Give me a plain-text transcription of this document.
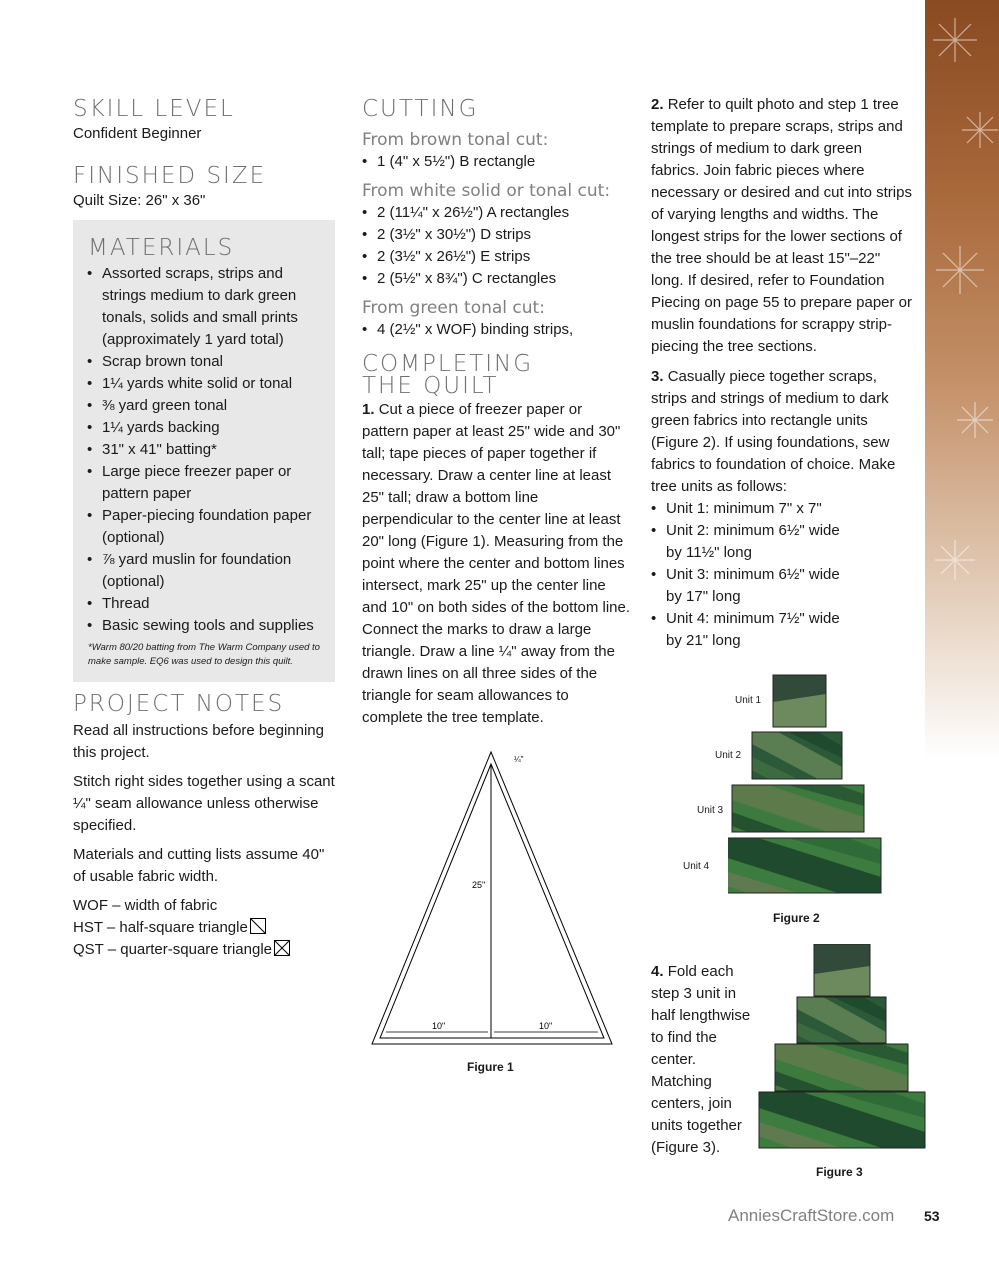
SKILL LEVEL

Confident Beginner

FINISHED SIZE

Quilt Size: 26" x 36"

MATERIALS
• Assorted scraps, strips and strings medium to dark green tonals, solids and small prints (approximately 1 yard total)
• Scrap brown tonal
• 1¼ yards white solid or tonal
• ⅜ yard green tonal
• 1¼ yards backing
• 31" x 41" batting*
• Large piece freezer paper or pattern paper
• Paper-piecing foundation paper (optional)
• ⅞ yard muslin for foundation (optional)
• Thread
• Basic sewing tools and supplies

*Warm 80/20 batting from The Warm Company used to make sample. EQ6 was used to design this quilt.

PROJECT NOTES

Read all instructions before beginning this project.

Stitch right sides together using a scant ¼" seam allowance unless otherwise specified.

Materials and cutting lists assume 40" of usable fabric width.

WOF – width of fabric

HST – half-square triangle

QST – quarter-square triangle

CUTTING

From brown tonal cut:

• 1 (4" x 5½") B rectangle

From white solid or tonal cut:

• 2 (11¼" x 26½") A rectangles
• 2 (3½" x 30½") D strips
• 2 (3½" x 26½") E strips
• 2 (5½" x 8¾") C rectangles

From green tonal cut:

• 4 (2½" x WOF) binding strips,
COMPLETING
THE QUILT

1. Cut a piece of freezer paper or pattern paper at least 25" wide and 30" tall; tape pieces of paper together if necessary. Draw a center line at least 25" tall; draw a bottom line perpendicular to the center line at least 20" long (Figure 1). Measuring from the point where the center and bottom lines intersect, mark 25" up the center line and 10" on both sides of the bottom line. Connect the marks to draw a large triangle. Draw a line ¼" away from the drawn lines on all three sides of the triangle for seam allowances to complete the tree template.

¼"
25"
10"	10"
Figure 1

2. Refer to quilt photo and step 1 tree template to prepare scraps, strips and strings of medium to dark green fabrics. Join fabric pieces where necessary or desired and cut into strips of varying lengths and widths. The longest strips for the lower sections of the tree should be at least 15"–22" long. If desired, refer to Foundation Piecing on page 55 to prepare paper or muslin foundations for scrappy strip-piecing the tree sections.

3. Casually piece together scraps, strips and strings of medium to dark green fabrics into rectangle units (Figure 2). If using foundations, sew fabrics to foundation of choice. Make tree units as follows:

• Unit 1: minimum 7" x 7"
• Unit 2: minimum 6½" wide by 11½" long
• Unit 3: minimum 6½" wide by 17" long
• Unit 4: minimum 7½" wide by 21" long
Unit 1
Unit 2
Unit 3
Unit 4
Figure 2

4. Fold each step 3 unit in half lengthwise to find the center. Matching centers, join units together (Figure 3).

Figure 3
AnniesCraftStore.com 53
